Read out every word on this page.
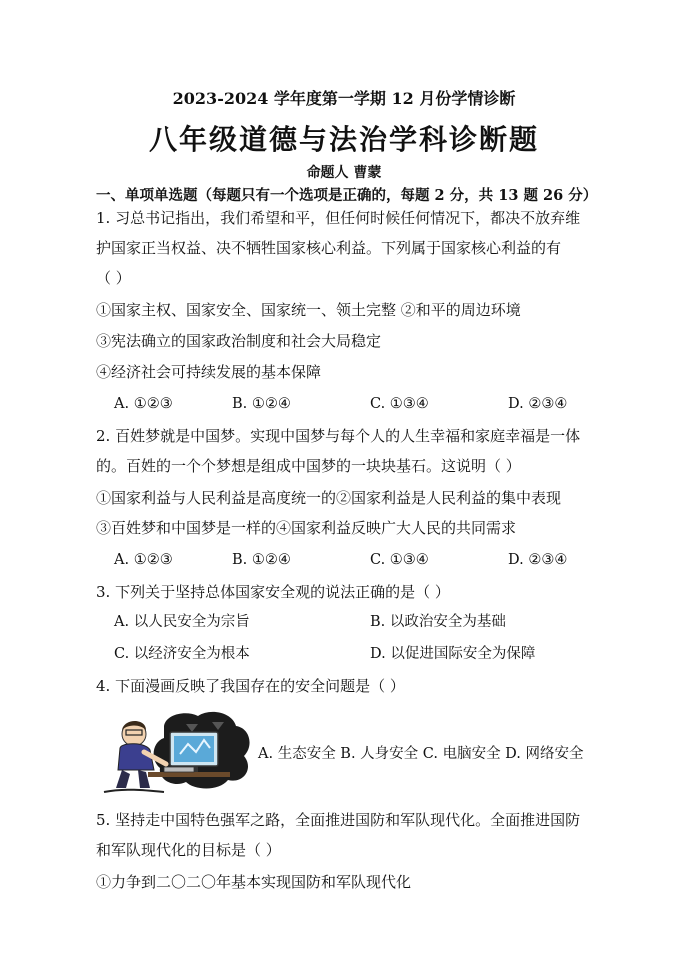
2023-2024 学年度第一学期 12 月份学情诊断
八年级道德与法治学科诊断题
命题人 曹蒙
一、单项单选题（每题只有一个选项是正确的，每题 2 分，共 13 题 26 分）
1. 习总书记指出，我们希望和平，但任何时候任何情况下，都决不放弃维
护国家正当权益、决不牺牲国家核心利益。下列属于国家核心利益的有
（ ）
①国家主权、国家安全、国家统一、领土完整 ②和平的周边环境
③宪法确立的国家政治制度和社会大局稳定
④经济社会可持续发展的基本保障
A. ①②③	B. ①②④	C. ①③④	D. ②③④
2. 百姓梦就是中国梦。实现中国梦与每个人的人生幸福和家庭幸福是一体
的。百姓的一个个梦想是组成中国梦的一块块基石。这说明（ ）
①国家利益与人民利益是高度统一的②国家利益是人民利益的集中表现
③百姓梦和中国梦是一样的④国家利益反映广大人民的共同需求
A. ①②③	B. ①②④	C. ①③④	D. ②③④
3. 下列关于坚持总体国家安全观的说法正确的是（ ）
A. 以人民安全为宗旨	B. 以政治安全为基础
C. 以经济安全为根本	D. 以促进国际安全为保障
4. 下面漫画反映了我国存在的安全问题是（ ）
A. 生态安全 B. 人身安全 C. 电脑安全 D. 网络安全
5. 坚持走中国特色强军之路，全面推进国防和军队现代化。全面推进国防
和军队现代化的目标是（ ）
①力争到二〇二〇年基本实现国防和军队现代化
